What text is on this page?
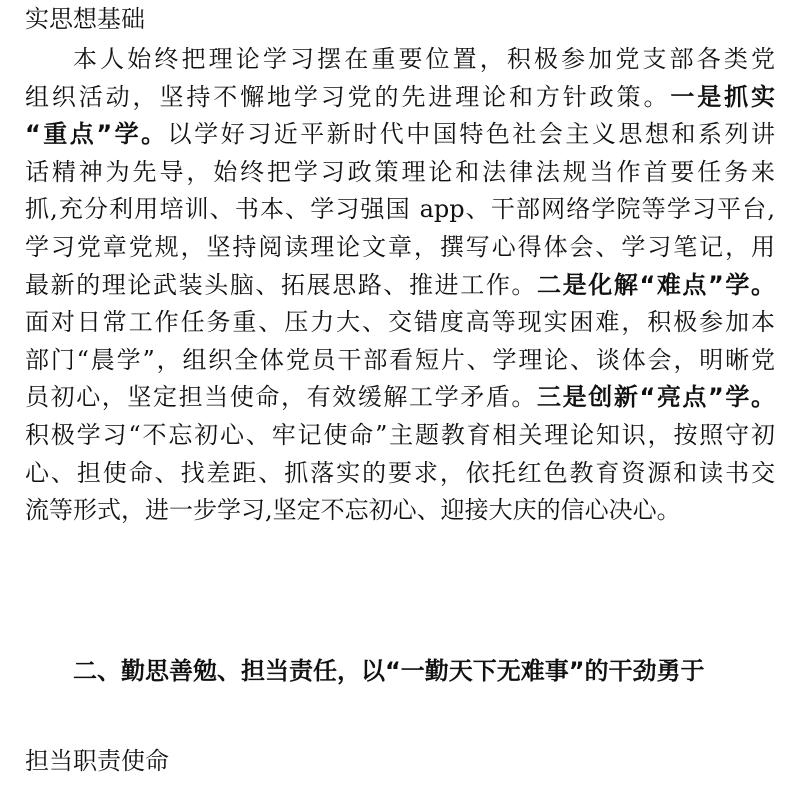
实思想基础
本人始终把理论学习摆在重要位置，积极参加党支部各类党
组织活动，坚持不懈地学习党的先进理论和方针政策。一是抓实
“重点”学。以学好习近平新时代中国特色社会主义思想和系列讲
话精神为先导，始终把学习政策理论和法律法规当作首要任务来
抓,充分利用培训、书本、学习强国 app、干部网络学院等学习平台,
学习党章党规，坚持阅读理论文章，撰写心得体会、学习笔记，用
最新的理论武装头脑、拓展思路、推进工作。二是化解“难点”学。
面对日常工作任务重、压力大、交错度高等现实困难，积极参加本
部门“晨学”，组织全体党员干部看短片、学理论、谈体会，明晰党
员初心，坚定担当使命，有效缓解工学矛盾。三是创新“亮点”学。
积极学习“不忘初心、牢记使命”主题教育相关理论知识，按照守初
心、担使命、找差距、抓落实的要求，依托红色教育资源和读书交
流等形式，进一步学习,坚定不忘初心、迎接大庆的信心决心。
二、勤思善勉、担当责任，以“一勤天下无难事”的干劲勇于
担当职责使命
